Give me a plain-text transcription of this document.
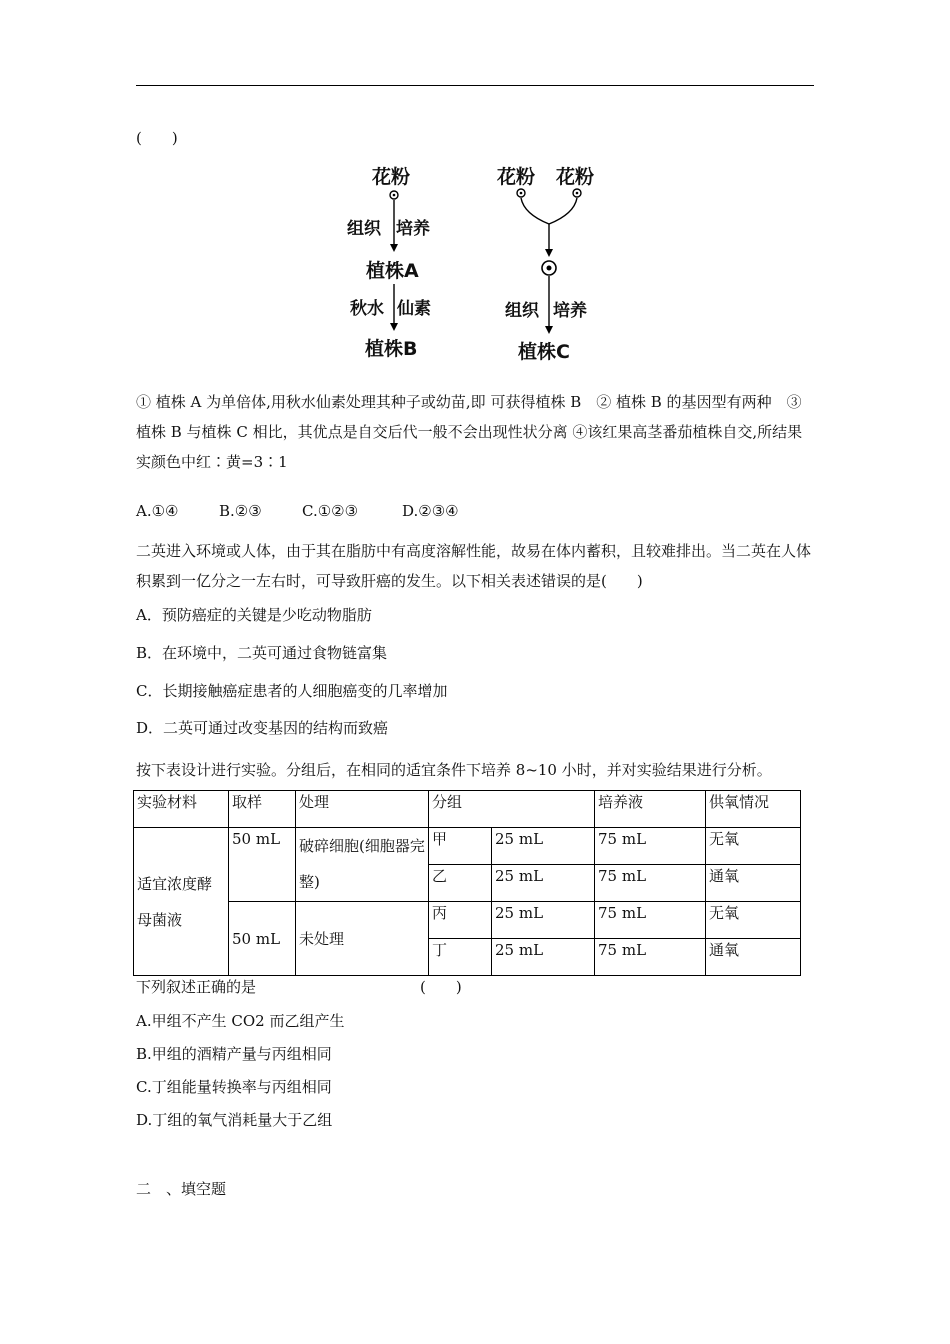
(　　)
花粉
组织 培养
植株A
秋水 仙素
植株B
花粉 花粉
组织 培养
植株C
① 植株 A 为单倍体,用秋水仙素处理其种子或幼苗,即 可获得植株 B　② 植株 B 的基因型有两种　③植株 B 与植株 C 相比，其优点是自交后代一般不会出现性状分离 ④该红果高茎番茄植株自交,所结果实颜色中红∶黄=3∶1
A.①④	B.②③	C.①②③	D.②③④
二英进入环境或人体，由于其在脂肪中有高度溶解性能，故易在体内蓄积，且较难排出。当二英在人体积累到一亿分之一左右时，可导致肝癌的发生。以下相关表述错误的是(　　)
A．预防癌症的关键是少吃动物脂肪
B．在环境中，二英可通过食物链富集
C．长期接触癌症患者的人细胞癌变的几率增加
D．二英可通过改变基因的结构而致癌
按下表设计进行实验。分组后，在相同的适宜条件下培养 8~10 小时，并对实验结果进行分析。
实验材料	取样	处理	分组		培养液	供氧情况
适宜浓度酵母菌液	50 mL	破碎细胞(细胞器完整)	甲	25 mL	75 mL	无氧
			乙	25 mL	75 mL	通氧
	50 mL	未处理	丙	25 mL	75 mL	无氧
			丁	25 mL	75 mL	通氧
下列叙述正确的是	(　　)
A.甲组不产生 CO2 而乙组产生
B.甲组的酒精产量与丙组相同
C.丁组能量转换率与丙组相同
D.丁组的氧气消耗量大于乙组
二　、填空题
